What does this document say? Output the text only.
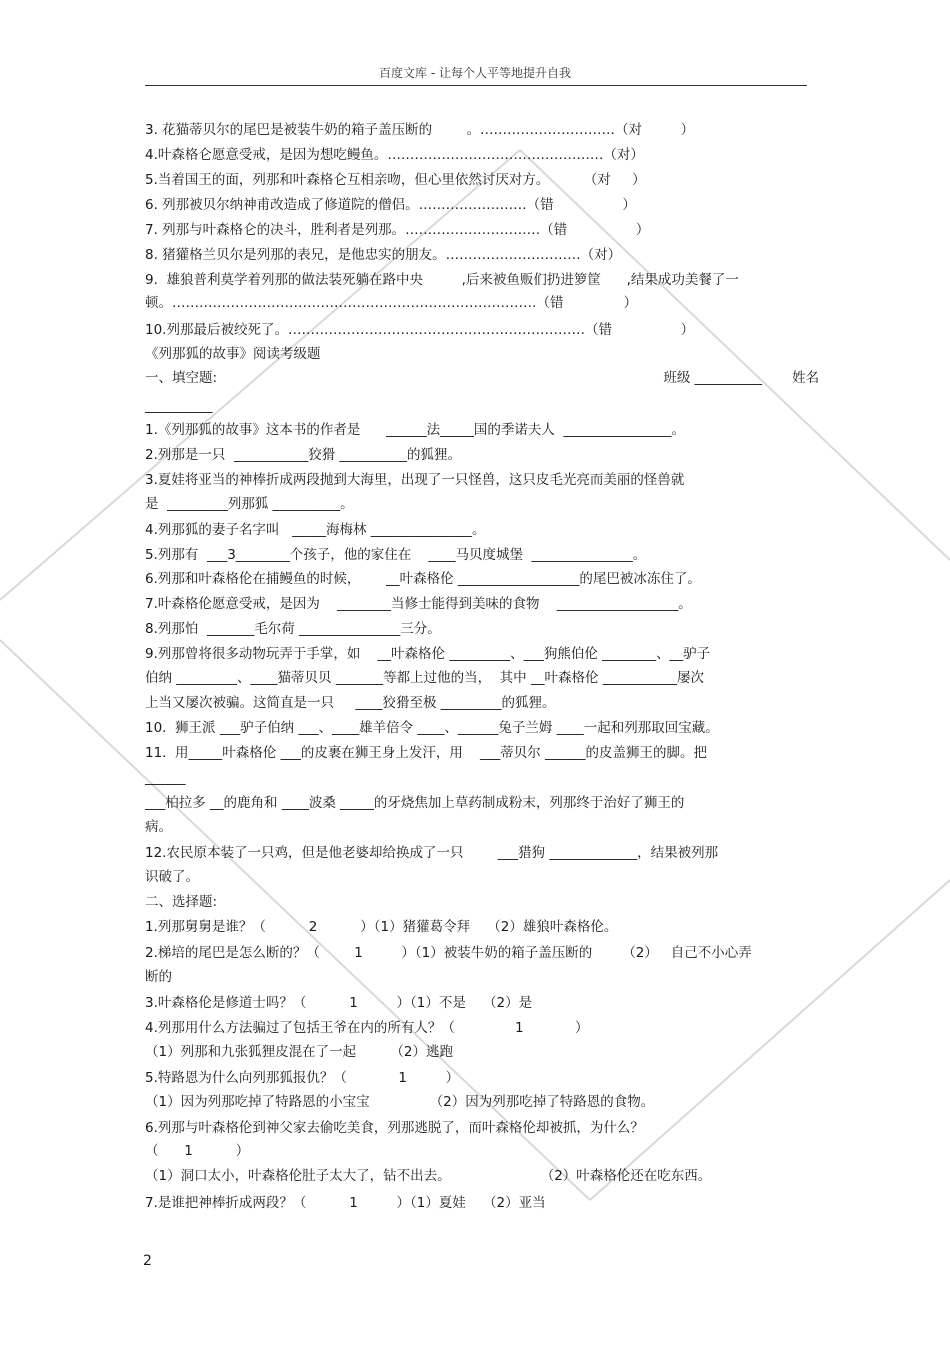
百度文库 - 让每个人平等地提升自我
3. 花猫蒂贝尔的尾巴是被装牛奶的箱子盖压断的        。…………………………（对         ）
4.叶森格仑愿意受戒，是因为想吃鳗鱼。…………………………………………（对）
5.当着国王的面，列那和叶森格仑互相亲吻，但心里依然讨厌对方。        （对     ）
6. 列那被贝尔纳神甫改造成了修道院的僧侣。……………………（错                ）
7. 列那与叶森格仑的决斗，胜利者是列那。…………………………（错                ）
8. 猪獾格兰贝尔是列那的表兄，是他忠实的朋友。…………………………（对）
9.  雄狼普利莫学着列那的做法装死躺在路中央         ,后来被鱼贩们扔进箩筐      ,结果成功美餐了一
顿。………………………………………………………………………（错              ）
10.列那最后被绞死了。…………………………………………………………（错                ）
《列那狐的故事》阅读考级题
一、填空题:                                                                                                        班级 __________       姓名
__________
1.《列那狐的故事》这本书的作者是      ______法_____国的季诺夫人  ________________。
2.列那是一只  ___________狡猾 __________的狐狸。
3.夏娃将亚当的神棒折成两段抛到大海里，出现了一只怪兽，这只皮毛光亮而美丽的怪兽就
是  _________列那狐 __________。
4.列那狐的妻子名字叫   _____海梅林 _______________。
5.列那有  ___3________个孩子，他的家住在    ____马贝度城堡  _______________。
6.列那和叶森格伦在捕鳗鱼的时候，      __叶森格伦 __________________的尾巴被冰冻住了。
7.叶森格伦愿意受戒，是因为    ________当修士能得到美味的食物    __________________。
8.列那怕  _______毛尔荷 _______________三分。
9.列那曾将很多动物玩弄于手掌，如    __叶森格伦 _________、___狗熊伯伦 ________、__驴子
伯纳 _________、____猫蒂贝贝 _______等都上过他的当，  其中 __叶森格伦 ___________屡次
上当又屡次被骗。这简直是一只     ____狡猾至极 _________的狐狸。
10.  狮王派 ___驴子伯纳 ___、____雄羊倍令 ____、______兔子兰姆 ____一起和列那取回宝藏。
11.  用_____叶森格伦 ___的皮裹在狮王身上发汗，用    ___蒂贝尔 ______的皮盖狮王的脚。把
______
___柏拉多 __的鹿角和 ____波桑 _____的牙烧焦加上草药制成粉末，列那终于治好了狮王的
病。
12.农民原本装了一只鸡，但是他老婆却给换成了一只        ___猎狗 _____________，结果被列那
识破了。
二、选择题:
1.列那舅舅是谁？（          2          ）（1）猪獾葛令拜    （2）雄狼叶森格伦。
2.梯培的尾巴是怎么断的？（        1         ）（1）被装牛奶的箱子盖压断的       （2）   自己不小心弄
断的
3.叶森格伦是修道士吗？（          1         ）（1）不是    （2）是
4.列那用什么方法骗过了包括王爷在内的所有人？（              1            ）
（1）列那和九张狐狸皮混在了一起        （2）逃跑
5.特路恩为什么向列那狐报仇？（            1         ）
（1）因为列那吃掉了特路恩的小宝宝              （2）因为列那吃掉了特路恩的食物。
6.列那与叶森格伦到神父家去偷吃美食，列那逃脱了，而叶森格伦却被抓，为什么？
（      1          ）
（1）洞口太小，叶森格伦肚子太大了，钻不出去。                     （2）叶森格伦还在吃东西。
7.是谁把神棒折成两段？（          1         ）（1）夏娃    （2）亚当
2
